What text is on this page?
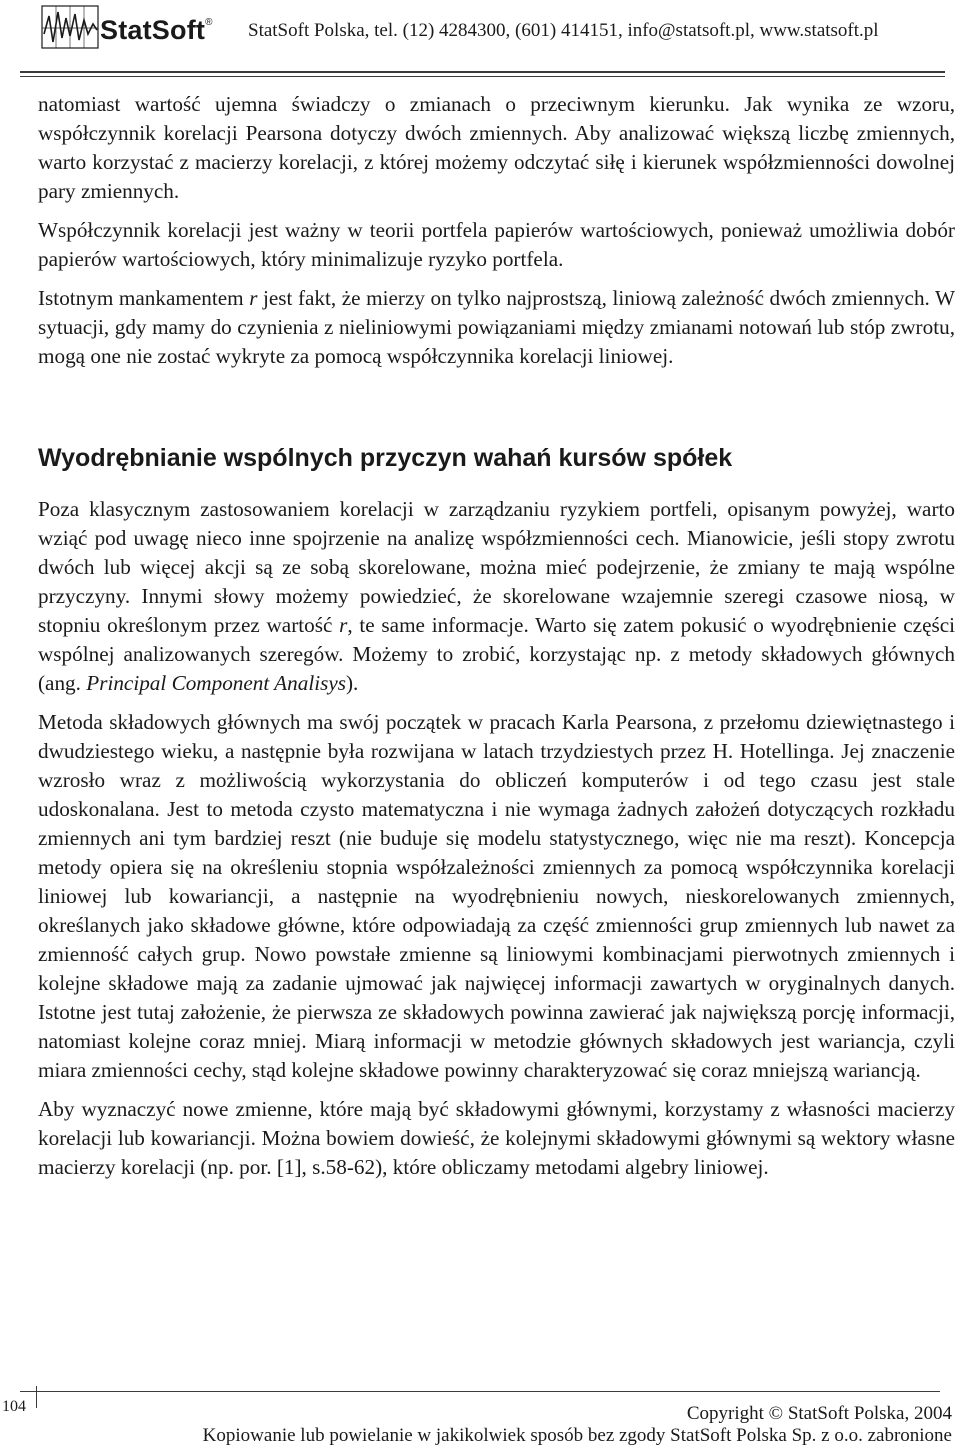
StatSoft® StatSoft Polska, tel. (12) 4284300, (601) 414151, info@statsoft.pl, www.statsoft.pl

natomiast wartość ujemna świadczy o zmianach o przeciwnym kierunku. Jak wynika ze wzoru, współczynnik korelacji Pearsona dotyczy dwóch zmiennych. Aby analizować większą liczbę zmiennych, warto korzystać z macierzy korelacji, z której możemy odczytać siłę i kierunek współzmienności dowolnej pary zmiennych.

Współczynnik korelacji jest ważny w teorii portfela papierów wartościowych, ponieważ umożliwia dobór papierów wartościowych, który minimalizuje ryzyko portfela.

Istotnym mankamentem r jest fakt, że mierzy on tylko najprostszą, liniową zależność dwóch zmiennych. W sytuacji, gdy mamy do czynienia z nieliniowymi powiązaniami między zmianami notowań lub stóp zwrotu, mogą one nie zostać wykryte za pomocą współczynnika korelacji liniowej.

Wyodrębnianie wspólnych przyczyn wahań kursów spółek

Poza klasycznym zastosowaniem korelacji w zarządzaniu ryzykiem portfeli, opisanym powyżej, warto wziąć pod uwagę nieco inne spojrzenie na analizę współzmienności cech. Mianowicie, jeśli stopy zwrotu dwóch lub więcej akcji są ze sobą skorelowane, można mieć podejrzenie, że zmiany te mają wspólne przyczyny. Innymi słowy możemy powiedzieć, że skorelowane wzajemnie szeregi czasowe niosą, w stopniu określonym przez wartość r, te same informacje. Warto się zatem pokusić o wyodrębnienie części wspólnej analizowanych szeregów. Możemy to zrobić, korzystając np. z metody składowych głównych (ang. Principal Component Analisys).

Metoda składowych głównych ma swój początek w pracach Karla Pearsona, z przełomu dziewiętnastego i dwudziestego wieku, a następnie była rozwijana w latach trzydziestych przez H. Hotellinga. Jej znaczenie wzrosło wraz z możliwością wykorzystania do obliczeń komputerów i od tego czasu jest stale udoskonalana. Jest to metoda czysto matematyczna i nie wymaga żadnych założeń dotyczących rozkładu zmiennych ani tym bardziej reszt (nie buduje się modelu statystycznego, więc nie ma reszt). Koncepcja metody opiera się na określeniu stopnia współzależności zmiennych za pomocą współczynnika korelacji liniowej lub kowariancji, a następnie na wyodrębnieniu nowych, nieskorelowanych zmiennych, określanych jako składowe główne, które odpowiadają za część zmienności grup zmiennych lub nawet za zmienność całych grup. Nowo powstałe zmienne są liniowymi kombinacjami pierwotnych zmiennych i kolejne składowe mają za zadanie ujmować jak najwięcej informacji zawartych w oryginalnych danych. Istotne jest tutaj założenie, że pierwsza ze składowych powinna zawierać jak największą porcję informacji, natomiast kolejne coraz mniej. Miarą informacji w metodzie głównych składowych jest wariancja, czyli miara zmienności cechy, stąd kolejne składowe powinny charakteryzować się coraz mniejszą wariancją.

Aby wyznaczyć nowe zmienne, które mają być składowymi głównymi, korzystamy z własności macierzy korelacji lub kowariancji. Można bowiem dowieść, że kolejnymi składowymi głównymi są wektory własne macierzy korelacji (np. por. [1], s.58-62), które obliczamy metodami algebry liniowej.

104	Copyright © StatSoft Polska, 2004
Kopiowanie lub powielanie w jakikolwiek sposób bez zgody StatSoft Polska Sp. z o.o. zabronione
